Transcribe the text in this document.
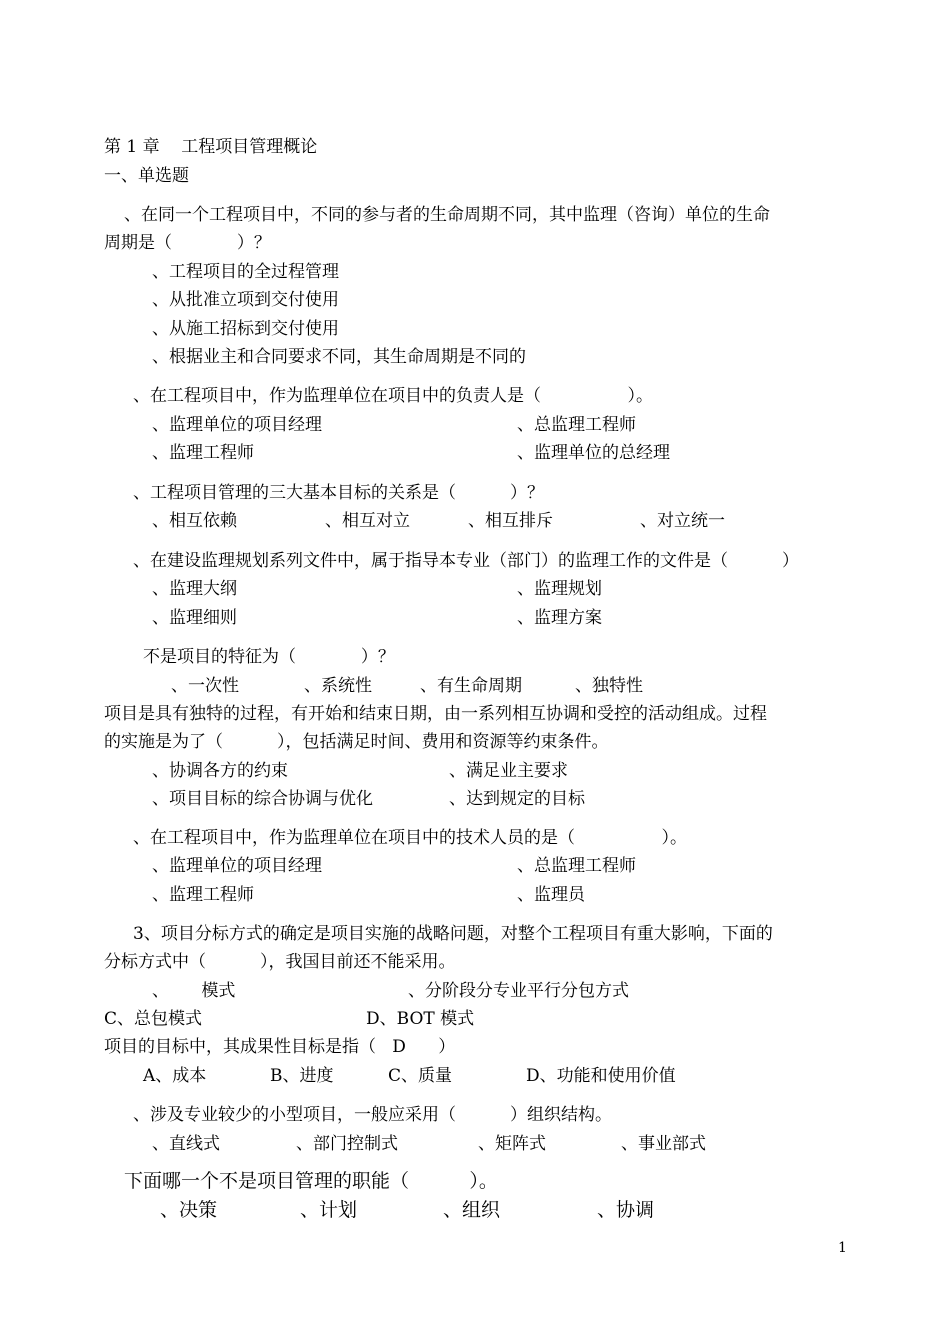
第 1 章    工程项目管理概论
一、单选题
、在同一个工程项目中，不同的参与者的生命周期不同，其中监理（咨询）单位的生命
周期是（            ）？
、工程项目的全过程管理
、从批准立项到交付使用
、从施工招标到交付使用
、根据业主和合同要求不同，其生命周期是不同的
、在工程项目中，作为监理单位在项目中的负责人是（                ）。
、监理单位的项目经理	、总监理工程师
、监理工程师	、监理单位的总经理
、工程项目管理的三大基本目标的关系是（          ）？
、相互依赖	、相互对立	、相互排斥	、对立统一
、在建设监理规划系列文件中，属于指导本专业（部门）的监理工作的文件是（          ）
、监理大纲	、监理规划
、监理细则	、监理方案
不是项目的特征为（            ）？
、一次性	、系统性	、有生命周期	、独特性
项目是具有独特的过程，有开始和结束日期，由一系列相互协调和受控的活动组成。过程
的实施是为了（          ），包括满足时间、费用和资源等约束条件。
、协调各方的约束	、满足业主要求
、项目目标的综合协调与优化	、达到规定的目标
、在工程项目中，作为监理单位在项目中的技术人员的是（                ）。
、监理单位的项目经理	、总监理工程师
、监理工程师	、监理员
3、项目分标方式的确定是项目实施的战略问题，对整个工程项目有重大影响，下面的
分标方式中（          ），我国目前还不能采用。
、      模式	、分阶段分专业平行分包方式
C、总包模式	D、BOT 模式
项目的目标中，其成果性目标是指（   D      ）
A、成本	B、进度	C、质量	D、功能和使用价值
、涉及专业较少的小型项目，一般应采用（          ）组织结构。
、直线式	、部门控制式	、矩阵式	、事业部式
下面哪一个不是项目管理的职能（          ）。
、决策	、计划	、组织	、协调
1
